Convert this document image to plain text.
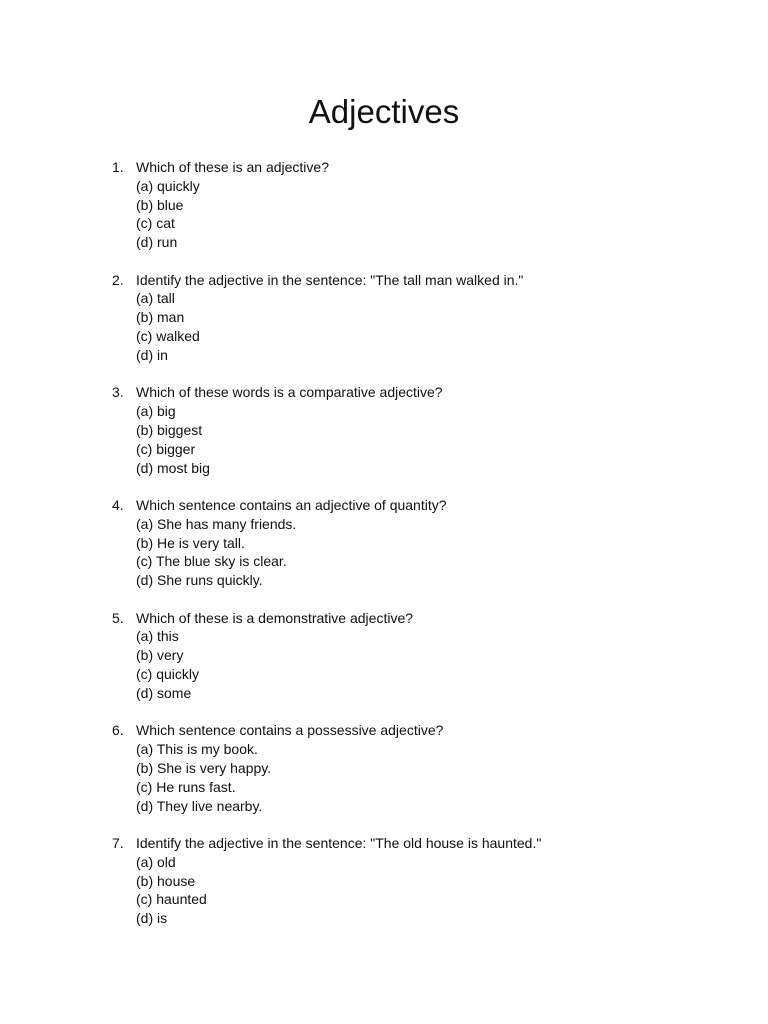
Adjectives
1. Which of these is an adjective?
(a) quickly
(b) blue
(c) cat
(d) run
2. Identify the adjective in the sentence: "The tall man walked in."
(a) tall
(b) man
(c) walked
(d) in
3. Which of these words is a comparative adjective?
(a) big
(b) biggest
(c) bigger
(d) most big
4. Which sentence contains an adjective of quantity?
(a) She has many friends.
(b) He is very tall.
(c) The blue sky is clear.
(d) She runs quickly.
5. Which of these is a demonstrative adjective?
(a) this
(b) very
(c) quickly
(d) some
6. Which sentence contains a possessive adjective?
(a) This is my book.
(b) She is very happy.
(c) He runs fast.
(d) They live nearby.
7. Identify the adjective in the sentence: "The old house is haunted."
(a) old
(b) house
(c) haunted
(d) is
